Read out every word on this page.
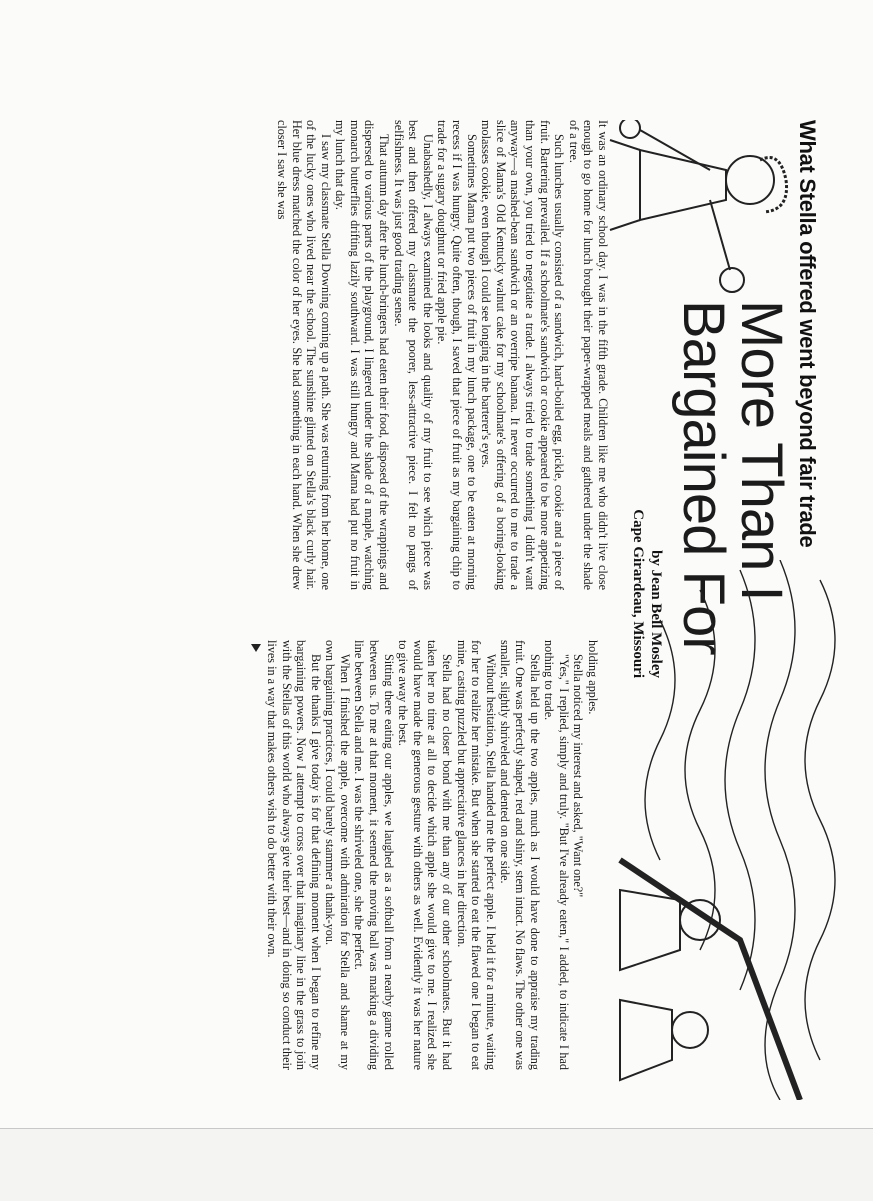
What Stella offered went beyond fair trade
More Than I
Bargained For
by Jean Bell Mosley
Cape Girardeau, Missouri

It was an ordinary school day. I was in the fifth grade. Children like me who didn't live close enough to go home for lunch brought their paper-wrapped meals and gathered under the shade of a tree.

Such lunches usually consisted of a sandwich, hard-boiled egg, pickle, cookie and a piece of fruit. Bartering prevailed. If a schoolmate's sandwich or cookie appeared to be more appetizing than your own, you tried to negotiate a trade. I always tried to trade something I didn't want anyway—a mashed-bean sandwich or an overripe banana. It never occurred to me to trade a slice of Mama's Old Kentucky walnut cake for my schoolmate's offering of a boring-looking molasses cookie, even though I could see longing in the barterer's eyes.

Sometimes Mama put two pieces of fruit in my lunch package, one to be eaten at morning recess if I was hungry. Quite often, though, I saved that piece of fruit as my bargaining chip to trade for a sugary doughnut or fried apple pie.

Unabashedly, I always examined the looks and quality of my fruit to see which piece was best and then offered my classmate the poorer, less-attractive piece. I felt no pangs of selfishness. It was just good trading sense.

That autumn day after the lunch-bringers had eaten their food, disposed of the wrappings and dispersed to various parts of the playground, I lingered under the shade of a maple, watching monarch butterflies drifting lazily southward. I was still hungry and Mama had put no fruit in my lunch that day.

I saw my classmate Stella Downing coming up a path. She was returning from her home, one of the lucky ones who lived near the school. The sunshine glinted on Stella's black curly hair. Her blue dress matched the color of her eyes. She had something in each hand. When she drew closer I saw she was

holding apples.

Stella noticed my interest and asked, "Want one?"

"Yes," I replied, simply and truly. "But I've already eaten," I added, to indicate I had nothing to trade.

Stella held up the two apples, much as I would have done to appraise my trading fruit. One was perfectly shaped, red and shiny, stem intact. No flaws. The other one was smaller, slightly shriveled and dented on one side.

Without hesitation, Stella handed me the perfect apple. I held it for a minute, waiting for her to realize her mistake. But when she started to eat the flawed one I began to eat mine, casting puzzled but appreciative glances in her direction.

Stella had no closer bond with me than any of our other schoolmates. But it had taken her no time at all to decide which apple she would give to me. I realized she would have made the generous gesture with others as well. Evidently it was her nature to give away the best.

Sitting there eating our apples, we laughed as a softball from a nearby game rolled between us. To me at that moment, it seemed the moving ball was marking a dividing line between Stella and me. I was the shriveled one, she the perfect.

When I finished the apple, overcome with admiration for Stella and shame at my own bargaining practices, I could barely stammer a thank-you.

But the thanks I give today is for that defining moment when I began to refine my bargaining powers. Now I attempt to cross over that imaginary line in the grass to join with the Stellas of this world who always give their best—and in doing so conduct their lives in a way that makes others wish to do better with their own.
